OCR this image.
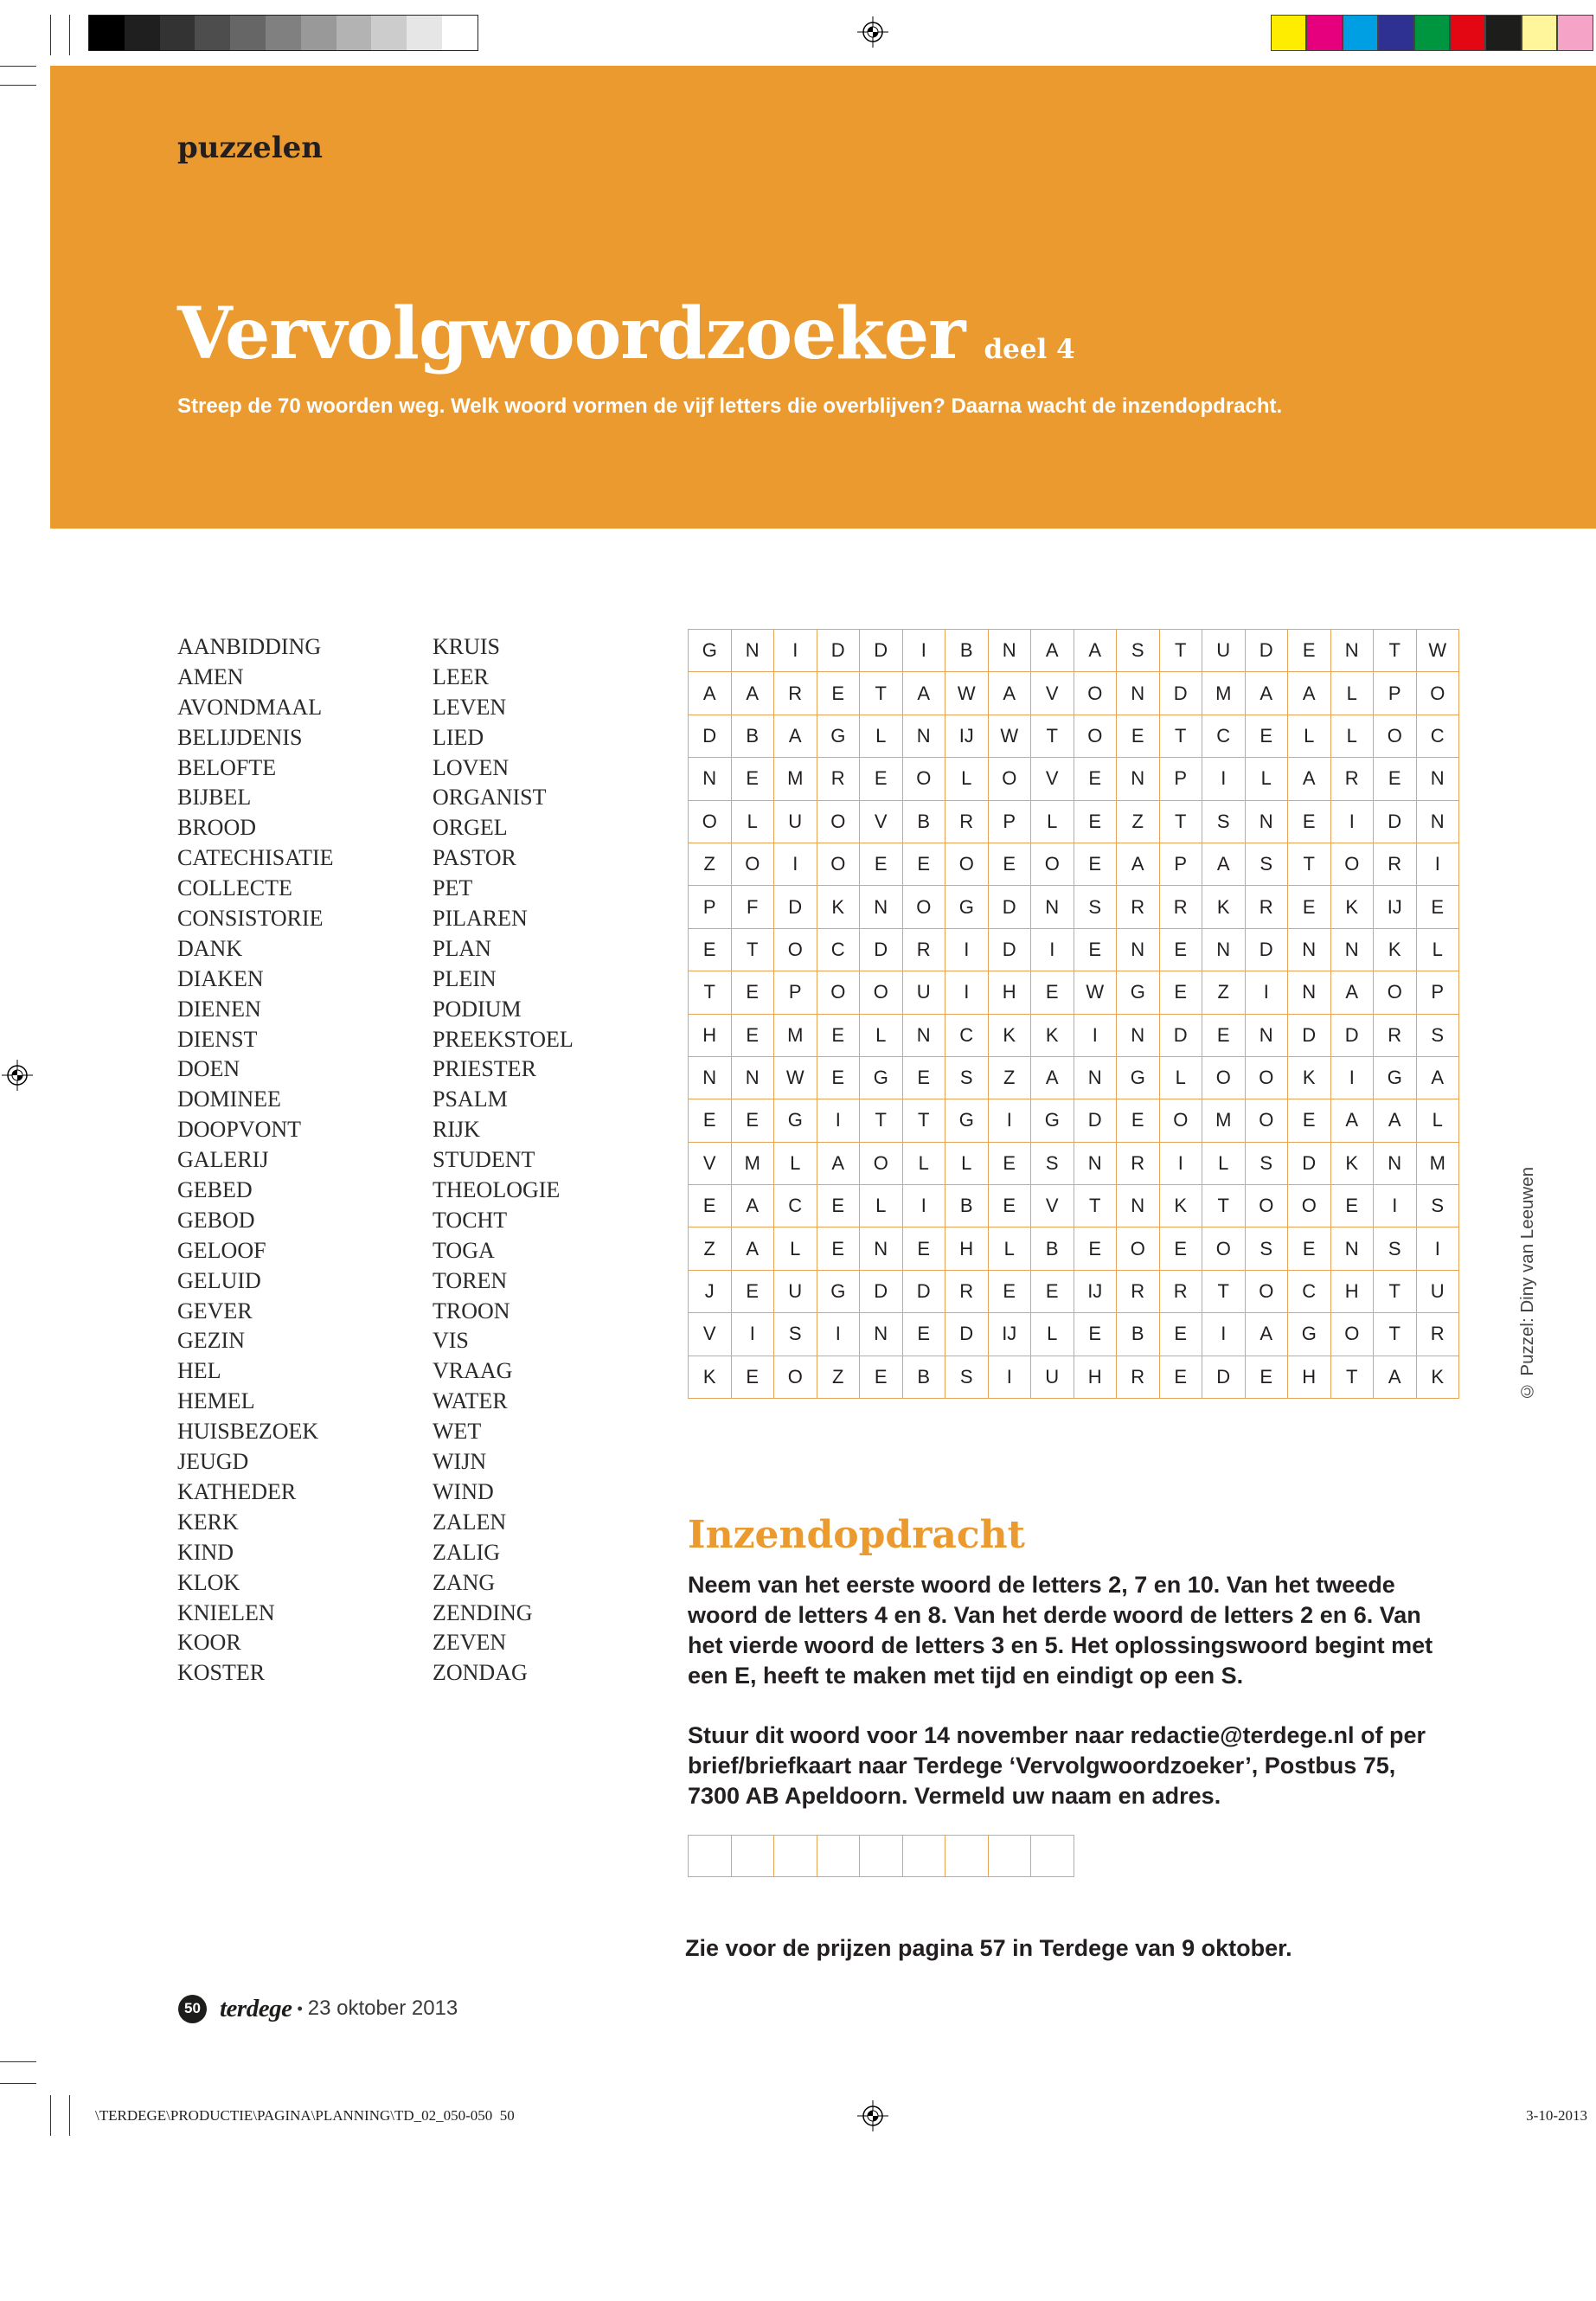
puzzelen
Vervolgwoordzoeker deel 4
Streep de 70 woorden weg. Welk woord vormen de vijf letters die overblijven? Daarna wacht de inzendopdracht.
AANBIDDING
AMEN
AVONDMAAL
BELIJDENIS
BELOFTE
BIJBEL
BROOD
CATECHISATIE
COLLECTE
CONSISTORIE
DANK
DIAKEN
DIENEN
DIENST
DOEN
DOMINEE
DOOPVONT
GALERIJ
GEBED
GEBOD
GELOOF
GELUID
GEVER
GEZIN
HEL
HEMEL
HUISBEZOEK
JEUGD
KATHEDER
KERK
KIND
KLOK
KNIELEN
KOOR
KOSTER
KRUIS
LEER
LEVEN
LIED
LOVEN
ORGANIST
ORGEL
PASTOR
PET
PILAREN
PLAN
PLEIN
PODIUM
PREEKSTOEL
PRIESTER
PSALM
RIJK
STUDENT
THEOLOGIE
TOCHT
TOGA
TOREN
TROON
VIS
VRAAG
WATER
WET
WIJN
WIND
ZALEN
ZALIG
ZANG
ZENDING
ZEVEN
ZONDAG
G	N	I	D	D	I	B	N	A	A	S	T	U	D	E	N	T	W
A	A	R	E	T	A	W	A	V	O	N	D	M	A	A	L	P	O
D	B	A	G	L	N	IJ	W	T	O	E	T	C	E	L	L	O	C
N	E	M	R	E	O	L	O	V	E	N	P	I	L	A	R	E	N
O	L	U	O	V	B	R	P	L	E	Z	T	S	N	E	I	D	N
Z	O	I	O	E	E	O	E	O	E	A	P	A	S	T	O	R	I
P	F	D	K	N	O	G	D	N	S	R	R	K	R	E	K	IJ	E
E	T	O	C	D	R	I	D	I	E	N	E	N	D	N	N	K	L
T	E	P	O	O	U	I	H	E	W	G	E	Z	I	N	A	O	P
H	E	M	E	L	N	C	K	K	I	N	D	E	N	D	D	R	S
N	N	W	E	G	E	S	Z	A	N	G	L	O	O	K	I	G	A
E	E	G	I	T	T	G	I	G	D	E	O	M	O	E	A	A	L
V	M	L	A	O	L	L	E	S	N	R	I	L	S	D	K	N	M
E	A	C	E	L	I	B	E	V	T	N	K	T	O	O	E	I	S
Z	A	L	E	N	E	H	L	B	E	O	E	O	S	E	N	S	I
J	E	U	G	D	D	R	E	E	IJ	R	R	T	O	C	H	T	U
V	I	S	I	N	E	D	IJ	L	E	B	E	I	A	G	O	T	R
K	E	O	Z	E	B	S	I	U	H	R	E	D	E	H	T	A	K	© Puzzel: Diny van Leeuwen
Inzendopdracht
Neem van het eerste woord de letters 2, 7 en 10. Van het tweede
woord de letters 4 en 8. Van het derde woord de letters 2 en 6. Van
het vierde woord de letters 3 en 5. Het oplossingswoord begint met
een E, heeft te maken met tijd en eindigt op een S.
Stuur dit woord voor 14 november naar redactie@terdege.nl of per
brief/briefkaart naar Terdege ‘Vervolgwoordzoeker’, Postbus 75,
7300 AB Apeldoorn. Vermeld uw naam en adres.
Zie voor de prijzen pagina 57 in Terdege van 9 oktober.
50 terdege • 23 oktober 2013
\TERDEGE\PRODUCTIE\PAGINA\PLANNING\TD_02_050-050  50	3-10-2013
